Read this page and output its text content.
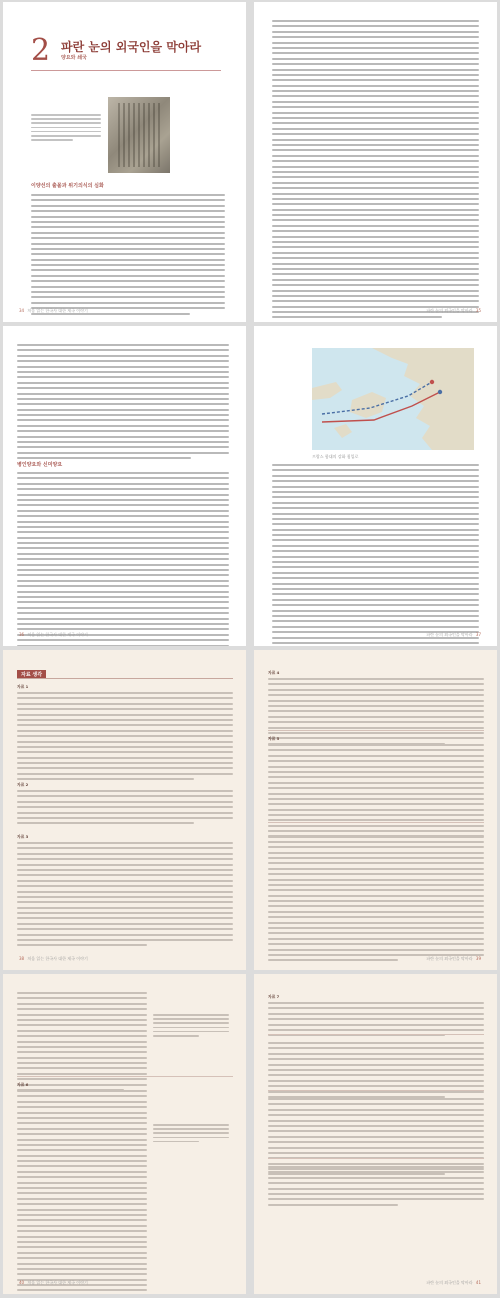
2 파란 눈의 외국인을 막아라
양요와 쇄국
이양선의 출몰과 위기의식의 심화
34 처음 읽는 한국사 대한 제국 이야기	파란 눈의 외국인을 막아라 35
병인양요와 신미양요
36 처음 읽는 한국사 대한 제국 이야기
프랑스 함대의 강화 침입로
파란 눈의 외국인을 막아라 37
자료 생각
자료 1
자료 2
자료 3
38 처음 읽는 한국사 대한 제국 이야기
자료 4
자료 5
파란 눈의 외국인을 막아라 39
자료 6
40 처음 읽는 한국사 대한 제국 이야기
자료 7
파란 눈의 외국인을 막아라 41
